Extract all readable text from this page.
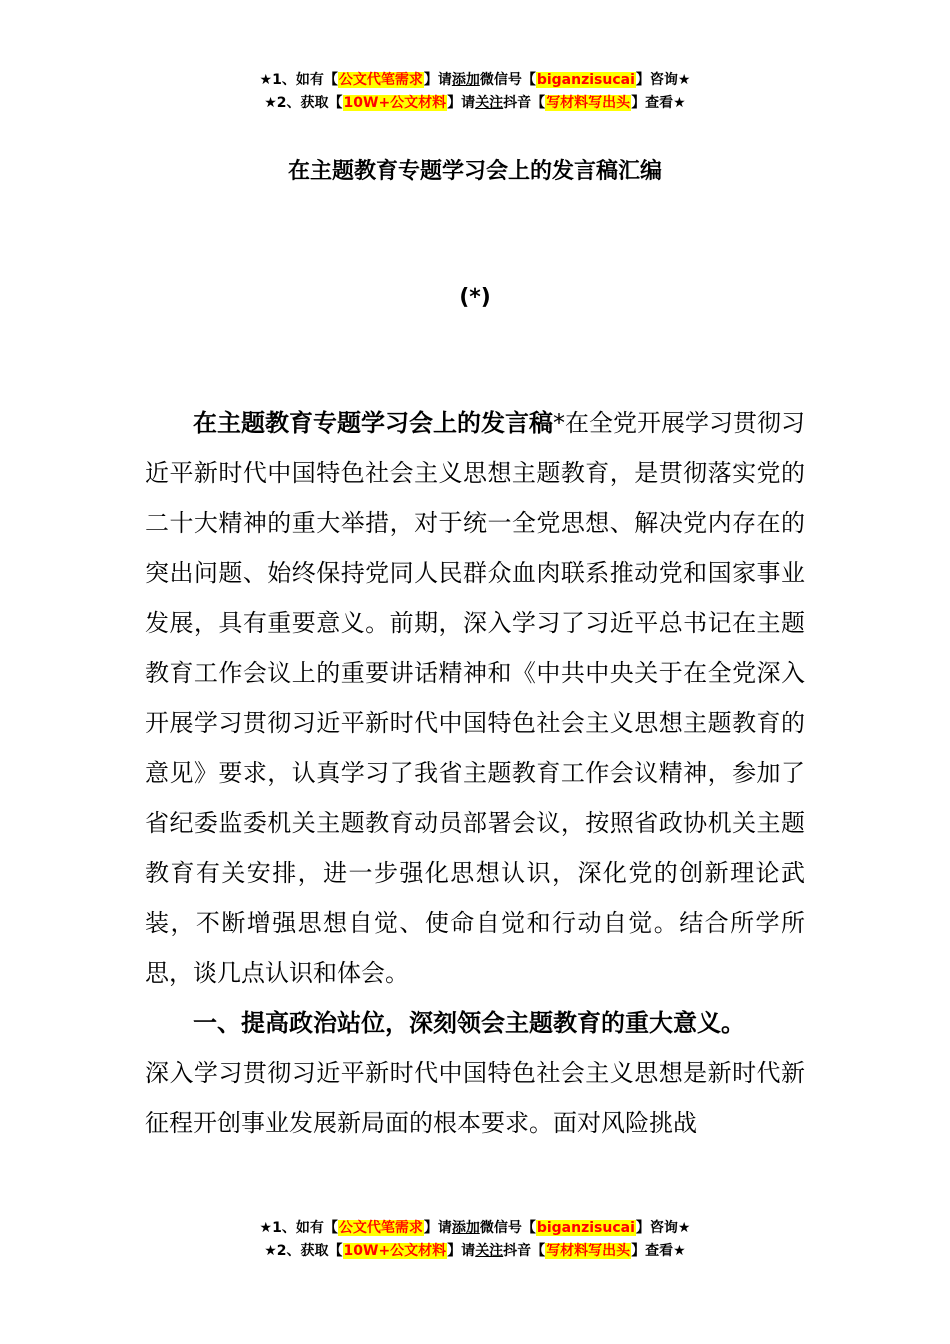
★1、如有【公文代笔需求】请添加微信号【biganzisucai】咨询★
★2、获取【10W+公文材料】请关注抖音【写材料写出头】查看★
在主题教育专题学习会上的发言稿汇编
(*)

在主题教育专题学习会上的发言稿*在全党开展学习贯彻习近平新时代中国特色社会主义思想主题教育，是贯彻落实党的二十大精神的重大举措，对于统一全党思想、解决党内存在的突出问题、始终保持党同人民群众血肉联系推动党和国家事业发展，具有重要意义。前期，深入学习了习近平总书记在主题教育工作会议上的重要讲话精神和《中共中央关于在全党深入开展学习贯彻习近平新时代中国特色社会主义思想主题教育的意见》要求，认真学习了我省主题教育工作会议精神，参加了省纪委监委机关主题教育动员部署会议，按照省政协机关主题教育有关安排，进一步强化思想认识，深化党的创新理论武装，不断增强思想自觉、使命自觉和行动自觉。结合所学所思，谈几点认识和体会。

一、提高政治站位，深刻领会主题教育的重大意义。

深入学习贯彻习近平新时代中国特色社会主义思想是新时代新征程开创事业发展新局面的根本要求。面对风险挑战

★1、如有【公文代笔需求】请添加微信号【biganzisucai】咨询★
★2、获取【10W+公文材料】请关注抖音【写材料写出头】查看★
